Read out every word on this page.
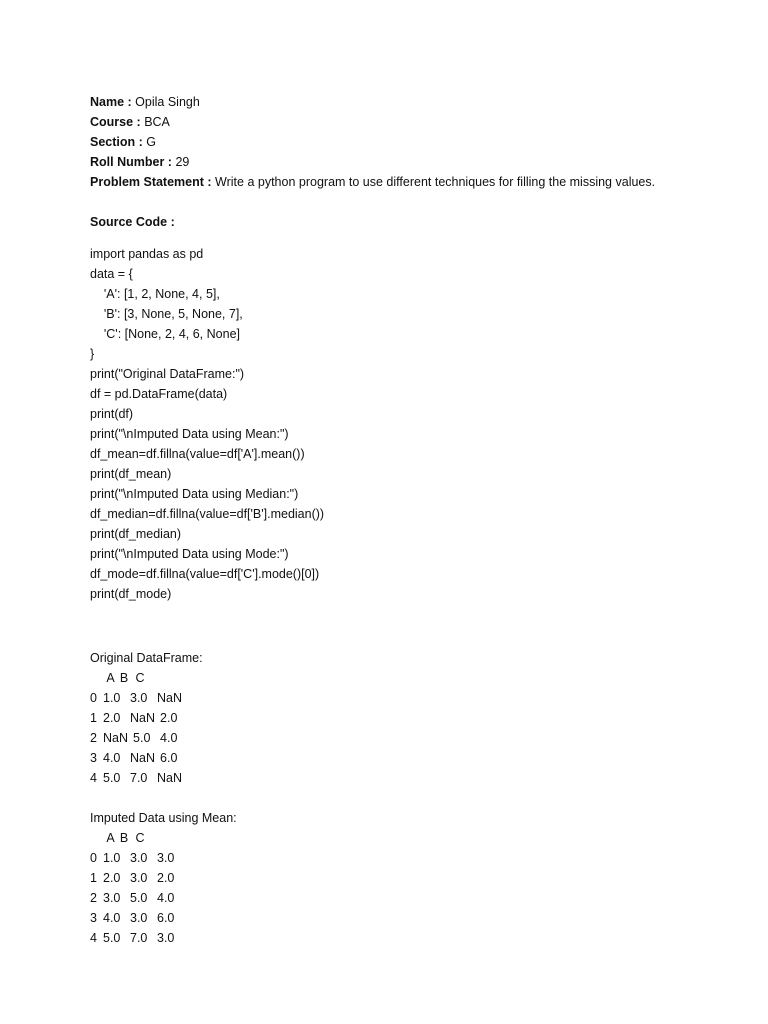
Name : Opila Singh
Course : BCA
Section : G
Roll Number : 29
Problem Statement : Write a python program to use different techniques for filling the missing values.
Source Code :
import pandas as pd
data = {
'A': [1, 2, None, 4, 5],
'B': [3, None, 5, None, 7],
'C': [None, 2, 4, 6, None]
}
print("Original DataFrame:")
df = pd.DataFrame(data)
print(df)
print("\nImputed Data using Mean:")
df_mean=df.fillna(value=df['A'].mean())
print(df_mean)
print("\nImputed Data using Median:")
df_median=df.fillna(value=df['B'].median())
print(df_median)
print("\nImputed Data using Mode:")
df_mode=df.fillna(value=df['C'].mode()[0])
print(df_mode)
Original DataFrame:
A B C
0 1.0 3.0 NaN
1 2.0 NaN 2.0
2 NaN 5.0 4.0
3 4.0 NaN 6.0
4 5.0 7.0 NaN
Imputed Data using Mean:
A B C
0 1.0 3.0 3.0
1 2.0 3.0 2.0
2 3.0 5.0 4.0
3 4.0 3.0 6.0
4 5.0 7.0 3.0
